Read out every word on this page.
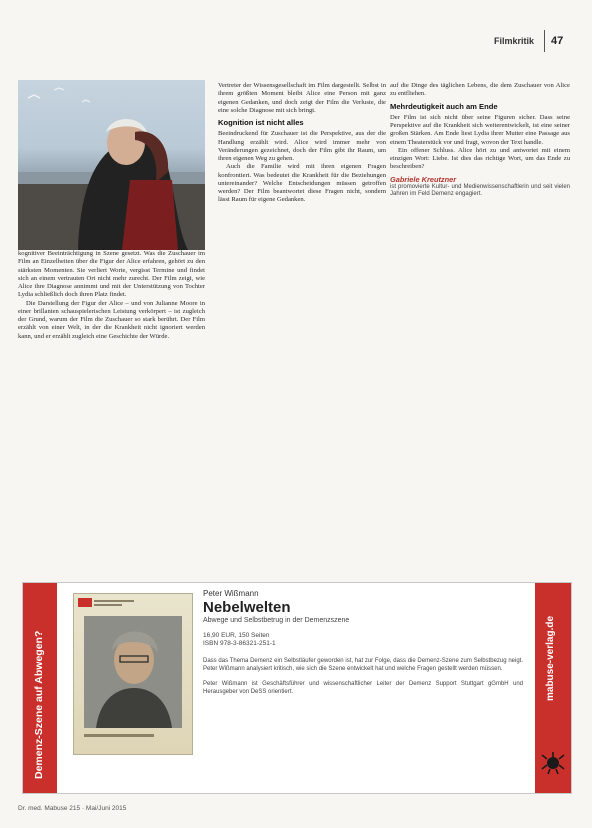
Filmkritik 47

kognitiver Beeinträchtigung in Szene gesetzt. Was die Zuschauer im Film an Einzelheiten über die Figur der Alice erfahren, gehört zu den stärksten Momenten. Sie verliert Worte, vergisst Termine und findet sich an einem vertrauten Ort nicht mehr zurecht. Der Film zeigt, wie Alice ihre Diagnose annimmt und mit der Unterstützung von Tochter Lydia schließlich doch ihren Platz findet.

Die Darstellung der Figur der Alice – und von Julianne Moore in einer brillanten schauspielerischen Leistung verkörpert – ist zugleich der Grund, warum der Film die Zuschauer so stark berührt. Der Film erzählt von einer Welt, in der die Krankheit nicht ignoriert werden kann, und er erzählt zugleich eine Geschichte der Würde.

Vertreter der Wissensgesellschaft im Film dargestellt. Selbst in ihrem größten Moment bleibt Alice eine Person mit ganz eigenen Gedanken, und doch zeigt der Film die Verluste, die eine solche Diagnose mit sich bringt.

Kognition ist nicht alles

Beeindruckend für Zuschauer ist die Perspektive, aus der die Handlung erzählt wird. Alice wird immer mehr von Veränderungen gezeichnet, doch der Film gibt ihr Raum, um ihren eigenen Weg zu gehen.

Auch die Familie wird mit ihren eigenen Fragen konfrontiert. Was bedeutet die Krankheit für die Beziehungen untereinander? Welche Entscheidungen müssen getroffen werden? Der Film beantwortet diese Fragen nicht, sondern lässt Raum für eigene Gedanken.

auf die Dinge des täglichen Lebens, die dem Zuschauer von Alice zu entfliehen.

Mehrdeutigkeit auch am Ende

Der Film ist sich nicht über seine Figuren sicher. Dass seine Perspektive auf die Krankheit sich weiterentwickelt, ist eine seiner großen Stärken. Am Ende liest Lydia ihrer Mutter eine Passage aus einem Theaterstück vor und fragt, wovon der Text handle.

Ein offener Schluss. Alice hört zu und antwortet mit einem einzigen Wort: Liebe. Ist dies das richtige Wort, um das Ende zu beschreiben?

Gabriele Kreutzner
ist promovierte Kultur- und Medienwissenschaftlerin und seit vielen Jahren im Feld Demenz engagiert.
Demenz-Szene auf Abwegen?	mabuse-verlag.de
Peter Wißmann
Nebelwelten
Abwege und Selbstbetrug in der Demenzszene
16,90 EUR, 150 Seiten
ISBN 978-3-86321-251-1
Dass das Thema Demenz ein Selbstläufer geworden ist, hat zur Folge, dass die Demenz-Szene zum Selbstbezug neigt. Peter Wißmann analysiert kritisch, wie sich die Szene entwickelt hat und welche Fragen gestellt werden müssen.
Peter Wißmann ist Geschäftsführer und wissenschaftlicher Leiter der Demenz Support Stuttgart gGmbH und Herausgeber von DeSS orientiert.
Dr. med. Mabuse 215 · Mai/Juni 2015
